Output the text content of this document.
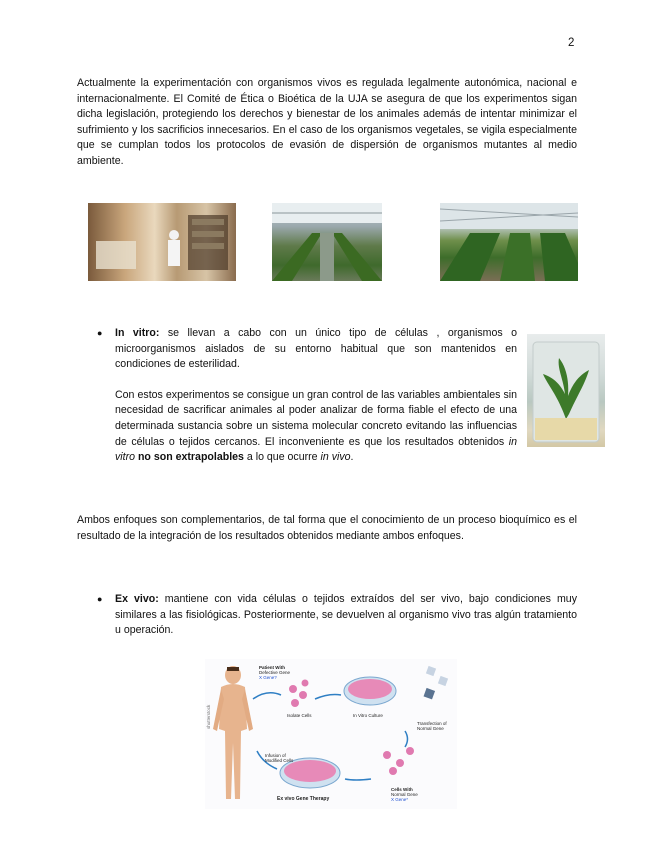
2

Actualmente la experimentación con organismos vivos es regulada legalmente autonómica, nacional e internacionalmente. El Comité de Ética o Bioética de la UJA se asegura de que los experimentos sigan dicha legislación, protegiendo los derechos y bienestar de los animales además de intentar minimizar el sufrimiento y los sacrificios innecesarios. En el caso de los organismos vegetales, se vigila especialmente que se cumplan todos los protocolos de evasión de dispersión de organismos mutantes al medio ambiente.

●	In vitro: se llevan a cabo con un único tipo de células , organismos o microorganismos aislados de su entorno habitual que son mantenidos en condiciones de esterilidad.

Con estos experimentos se consigue un gran control de las variables ambientales sin necesidad de sacrificar animales al poder analizar de forma fiable el efecto de una determinada sustancia sobre un sistema molecular concreto evitando las influencias de células o tejidos cercanos. El inconveniente es que los resultados obtenidos in vitro no son extrapolables a lo que ocurre in vivo.

Ambos enfoques son complementarios, de tal forma que el conocimiento de un proceso bioquímico es el resultado de la integración de los resultados obtenidos mediante ambos enfoques.

●	Ex vivo: mantiene con vida células o tejidos extraídos del ser vivo, bajo condiciones muy similares a las fisiológicas. Posteriormente, se devuelven al organismo vivo tras algún tratamiento u operación.
Patient With
Defective Gene
X Gene?
Isolate Cells	In Vitro Culture
Transfection of
Normal Gene
Infusion of
Modified Cells
Cells With
Normal Gene
X Gene*
Ex vivo Gene Therapy
shutterstock
